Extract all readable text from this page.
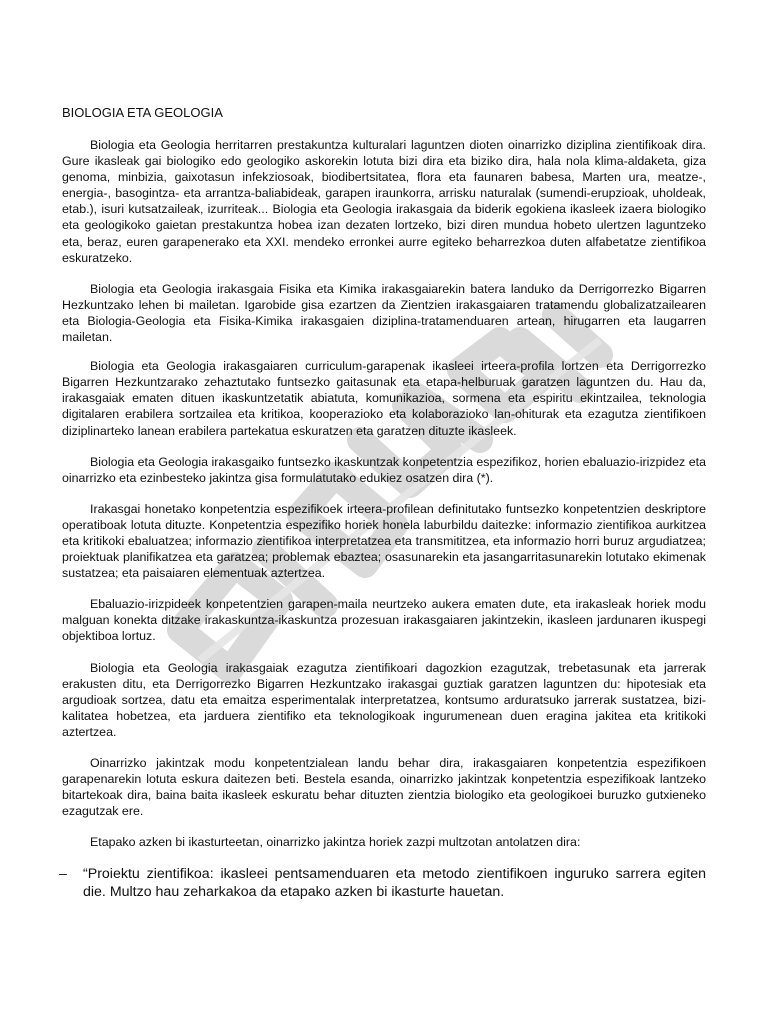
BIOLOGIA ETA GEOLOGIA

Biologia eta Geologia herritarren prestakuntza kulturalari laguntzen dioten oinarrizko diziplina zientifikoak dira. Gure ikasleak gai biologiko edo geologiko askorekin lotuta bizi dira eta biziko dira, hala nola klima-aldaketa, giza genoma, minbizia, gaixotasun infekziosoak, biodibertsitatea, flora eta faunaren babesa, Marten ura, meatze-, energia-, basogintza- eta arrantza-baliabideak, garapen iraunkorra, arrisku naturalak (sumendi-erupzioak, uholdeak, etab.), isuri kutsatzaileak, izurriteak... Biologia eta Geologia irakasgaia da biderik egokiena ikasleek izaera biologiko eta geologikoko gaietan prestakuntza hobea izan dezaten lortzeko, bizi diren mundua hobeto ulertzen laguntzeko eta, beraz, euren garapenerako eta XXI. mendeko erronkei aurre egiteko beharrezkoa duten alfabetatze zientifikoa eskuratzeko.

Biologia eta Geologia irakasgaia Fisika eta Kimika irakasgaiarekin batera landuko da Derrigorrezko Bigarren Hezkuntzako lehen bi mailetan. Igarobide gisa ezartzen da Zientzien irakasgaiaren tratamendu globalizatzailearen eta Biologia-Geologia eta Fisika-Kimika irakasgaien diziplina-tratamenduaren artean, hirugarren eta laugarren mailetan.

Biologia eta Geologia irakasgaiaren curriculum-garapenak ikasleei irteera-profila lortzen eta Derrigorrezko Bigarren Hezkuntzarako zehaztutako funtsezko gaitasunak eta etapa-helburuak garatzen laguntzen du. Hau da, irakasgaiak ematen dituen ikaskuntzetatik abiatuta, komunikazioa, sormena eta espiritu ekintzailea, teknologia digitalaren erabilera sortzailea eta kritikoa, kooperazioko eta kolaborazioko lan-ohiturak eta ezagutza zientifikoen diziplinarteko lanean erabilera partekatua eskuratzen eta garatzen dituzte ikasleek.

Biologia eta Geologia irakasgaiko funtsezko ikaskuntzak konpetentzia espezifikoz, horien ebaluazio-irizpidez eta oinarrizko eta ezinbesteko jakintza gisa formulatutako edukiez osatzen dira (*).

Irakasgai honetako konpetentzia espezifikoek irteera-profilean definitutako funtsezko konpetentzien deskriptore operatiboak lotuta dituzte. Konpetentzia espezifiko horiek honela laburbildu daitezke: informazio zientifikoa aurkitzea eta kritikoki ebaluatzea; informazio zientifikoa interpretatzea eta transmititzea, eta informazio horri buruz argudiatzea; proiektuak planifikatzea eta garatzea; problemak ebaztea; osasunarekin eta jasangarritasunarekin lotutako ekimenak sustatzea; eta paisaiaren elementuak aztertzea.

Ebaluazio-irizpideek konpetentzien garapen-maila neurtzeko aukera ematen dute, eta irakasleak horiek modu malguan konekta ditzake irakaskuntza-ikaskuntza prozesuan irakasgaiaren jakintzekin, ikasleen jardunaren ikuspegi objektiboa lortuz.

Biologia eta Geologia irakasgaiak ezagutza zientifikoari dagozkion ezagutzak, trebetasunak eta jarrerak erakusten ditu, eta Derrigorrezko Bigarren Hezkuntzako irakasgai guztiak garatzen laguntzen du: hipotesiak eta argudioak sortzea, datu eta emaitza esperimentalak interpretatzea, kontsumo arduratsuko jarrerak sustatzea, bizi-kalitatea hobetzea, eta jarduera zientifiko eta teknologikoak ingurumenean duen eragina jakitea eta kritikoki aztertzea.

Oinarrizko jakintzak modu konpetentzialean landu behar dira, irakasgaiaren konpetentzia espezifikoen garapenarekin lotuta eskura daitezen beti. Bestela esanda, oinarrizko jakintzak konpetentzia espezifikoak lantzeko bitartekoak dira, baina baita ikasleek eskuratu behar dituzten zientzia biologiko eta geologikoei buruzko gutxieneko ezagutzak ere.

Etapako azken bi ikasturteetan, oinarrizko jakintza horiek zazpi multzotan antolatzen dira:

–	“Proiektu zientifikoa: ikasleei pentsamenduaren eta metodo zientifikoen inguruko sarrera egiten die. Multzo hau zeharkakoa da etapako azken bi ikasturte hauetan.
